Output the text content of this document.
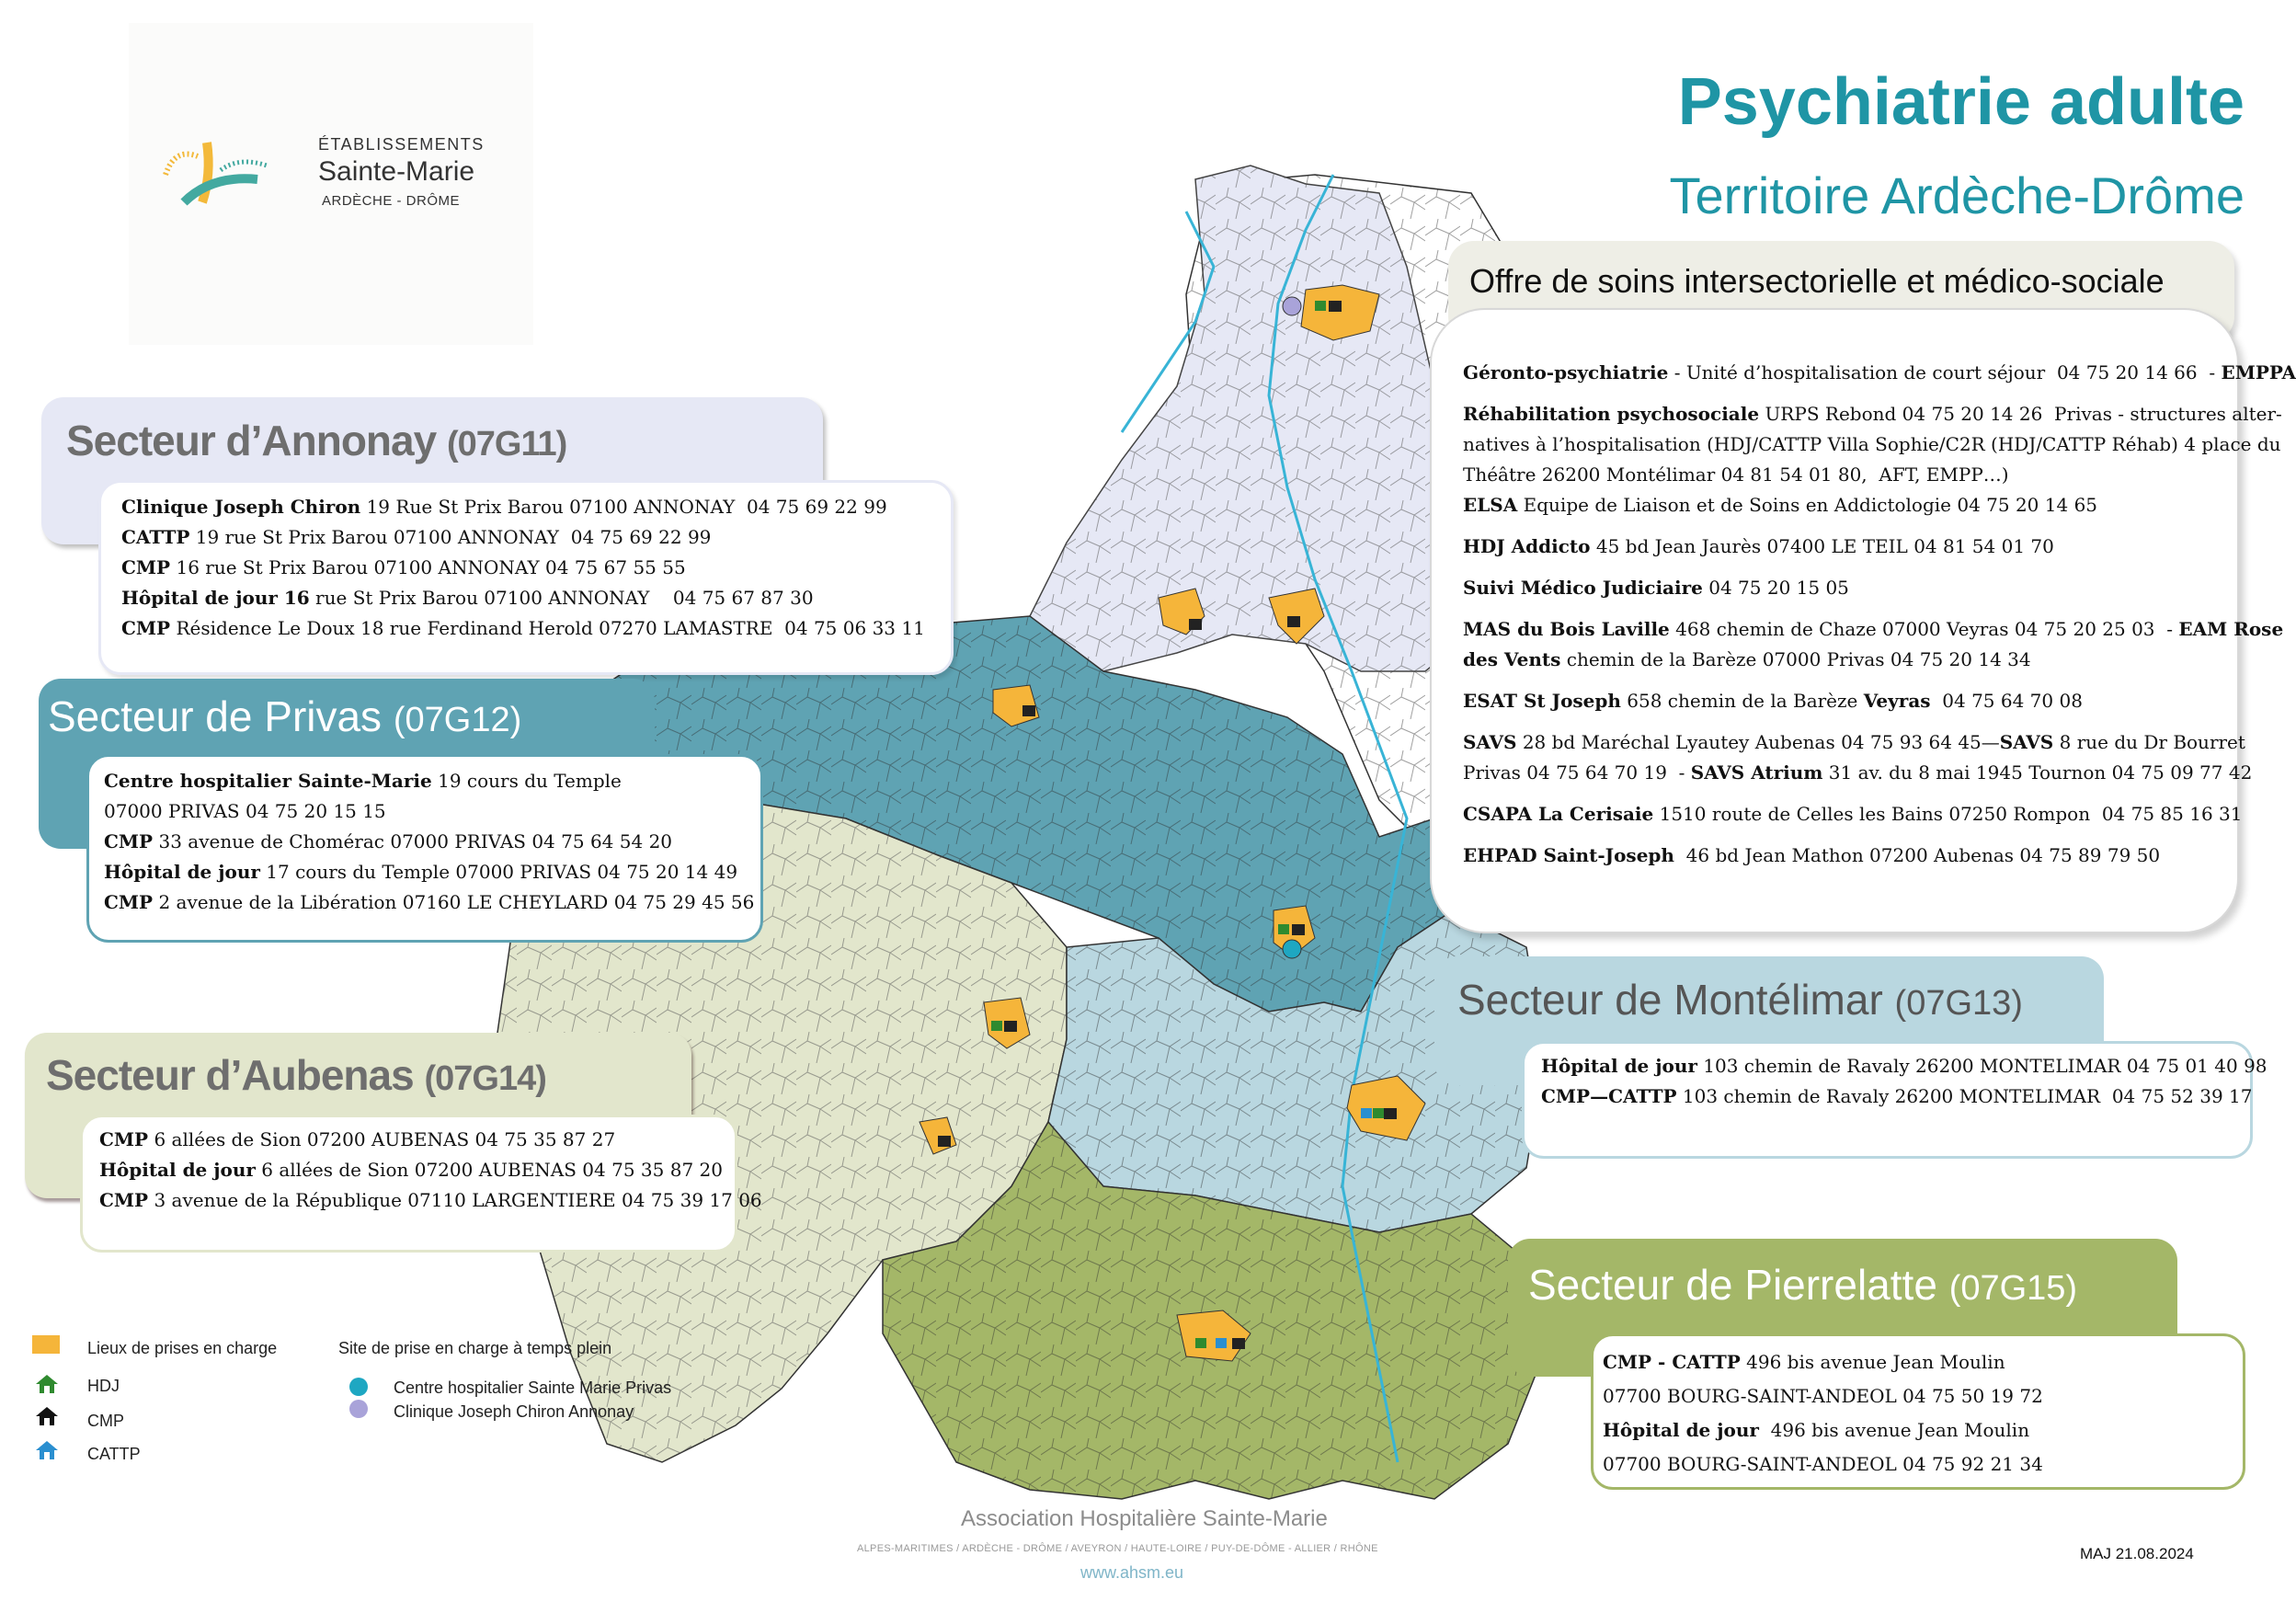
ÉTABLISSEMENTS
Sainte-Marie
ARDÈCHE - DRÔME
Psychiatrie adulte
Territoire Ardèche-Drôme
Secteur d’Annonay (07G11)
Clinique Joseph Chiron 19 Rue St Prix Barou 07100 ANNONAY  04 75 69 22 99
CATTP 19 rue St Prix Barou 07100 ANNONAY  04 75 69 22 99
CMP 16 rue St Prix Barou 07100 ANNONAY 04 75 67 55 55
Hôpital de jour 16 rue St Prix Barou 07100 ANNONAY    04 75 67 87 30
CMP Résidence Le Doux 18 rue Ferdinand Herold 07270 LAMASTRE  04 75 06 33 11
Secteur de Privas (07G12)
Centre hospitalier Sainte-Marie 19 cours du Temple
07000 PRIVAS 04 75 20 15 15
CMP 33 avenue de Chomérac 07000 PRIVAS 04 75 64 54 20
Hôpital de jour 17 cours du Temple 07000 PRIVAS 04 75 20 14 49
CMP 2 avenue de la Libération 07160 LE CHEYLARD 04 75 29 45 56
Secteur d’Aubenas (07G14)
CMP 6 allées de Sion 07200 AUBENAS 04 75 35 87 27
Hôpital de jour 6 allées de Sion 07200 AUBENAS 04 75 35 87 20
CMP 3 avenue de la République 07110 LARGENTIERE 04 75 39 17 06
Géronto-psychiatrie - Unité d’hospitalisation de court séjour  04 75 20 14 66  - EMPPA
Réhabilitation psychosociale URPS Rebond 04 75 20 14 26  Privas - structures alter-
natives à l’hospitalisation (HDJ/CATTP Villa Sophie/C2R (HDJ/CATTP Réhab) 4 place du
Théâtre 26200 Montélimar 04 81 54 01 80,  AFT, EMPP…)
ELSA Equipe de Liaison et de Soins en Addictologie 04 75 20 14 65
HDJ Addicto 45 bd Jean Jaurès 07400 LE TEIL 04 81 54 01 70
Suivi Médico Judiciaire 04 75 20 15 05
MAS du Bois Laville 468 chemin de Chaze 07000 Veyras 04 75 20 25 03  - EAM Rose
des Vents chemin de la Barèze 07000 Privas 04 75 20 14 34
ESAT St Joseph 658 chemin de la Barèze Veyras  04 75 64 70 08
SAVS 28 bd Maréchal Lyautey Aubenas 04 75 93 64 45—SAVS 8 rue du Dr Bourret
Privas 04 75 64 70 19  - SAVS Atrium 31 av. du 8 mai 1945 Tournon 04 75 09 77 42
CSAPA La Cerisaie 1510 route de Celles les Bains 07250 Rompon  04 75 85 16 31
EHPAD Saint-Joseph  46 bd Jean Mathon 07200 Aubenas 04 75 89 79 50
Offre de soins intersectorielle et médico-sociale
Secteur de Montélimar (07G13)
Hôpital de jour 103 chemin de Ravaly 26200 MONTELIMAR 04 75 01 40 98
CMP—CATTP 103 chemin de Ravaly 26200 MONTELIMAR  04 75 52 39 17
Secteur de Pierrelatte (07G15)
CMP - CATTP 496 bis avenue Jean Moulin
07700 BOURG-SAINT-ANDEOL 04 75 50 19 72
Hôpital de jour  496 bis avenue Jean Moulin
07700 BOURG-SAINT-ANDEOL 04 75 92 21 34
Lieux de prises en charge
HDJ
CMP
CATTP
Site de prise en charge à temps plein
Centre hospitalier Sainte Marie Privas
Clinique Joseph Chiron Annonay
Association Hospitalière Sainte-Marie
ALPES-MARITIMES / ARDÈCHE - DRÔME / AVEYRON / HAUTE-LOIRE / PUY-DE-DÔME - ALLIER / RHÔNE
www.ahsm.eu
MAJ 21.08.2024
